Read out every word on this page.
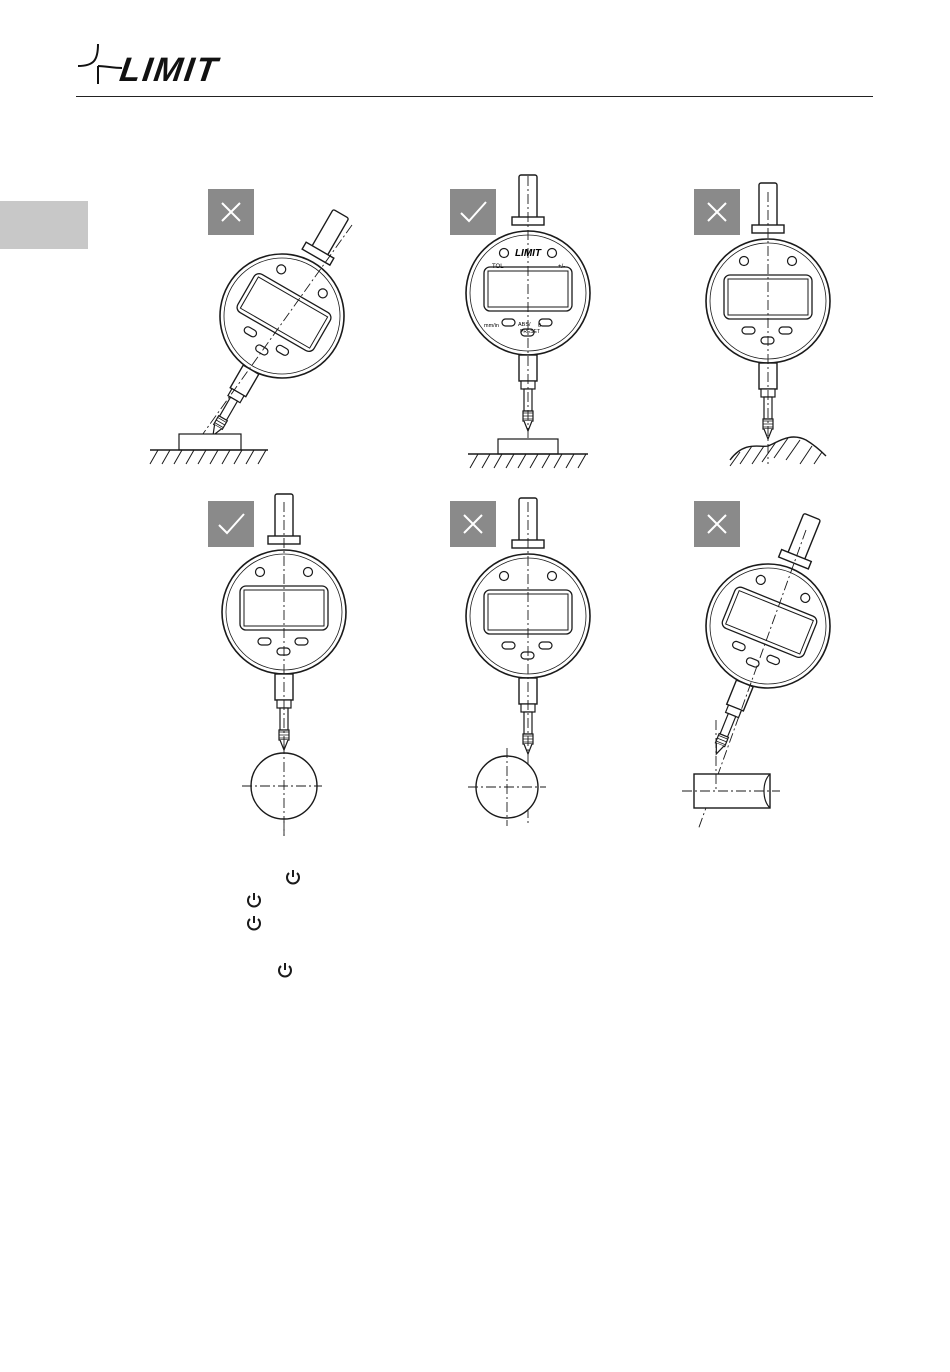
LIMIT
LIMIT
TOL	+/-
mm/in	ABS/
PRESET
0
